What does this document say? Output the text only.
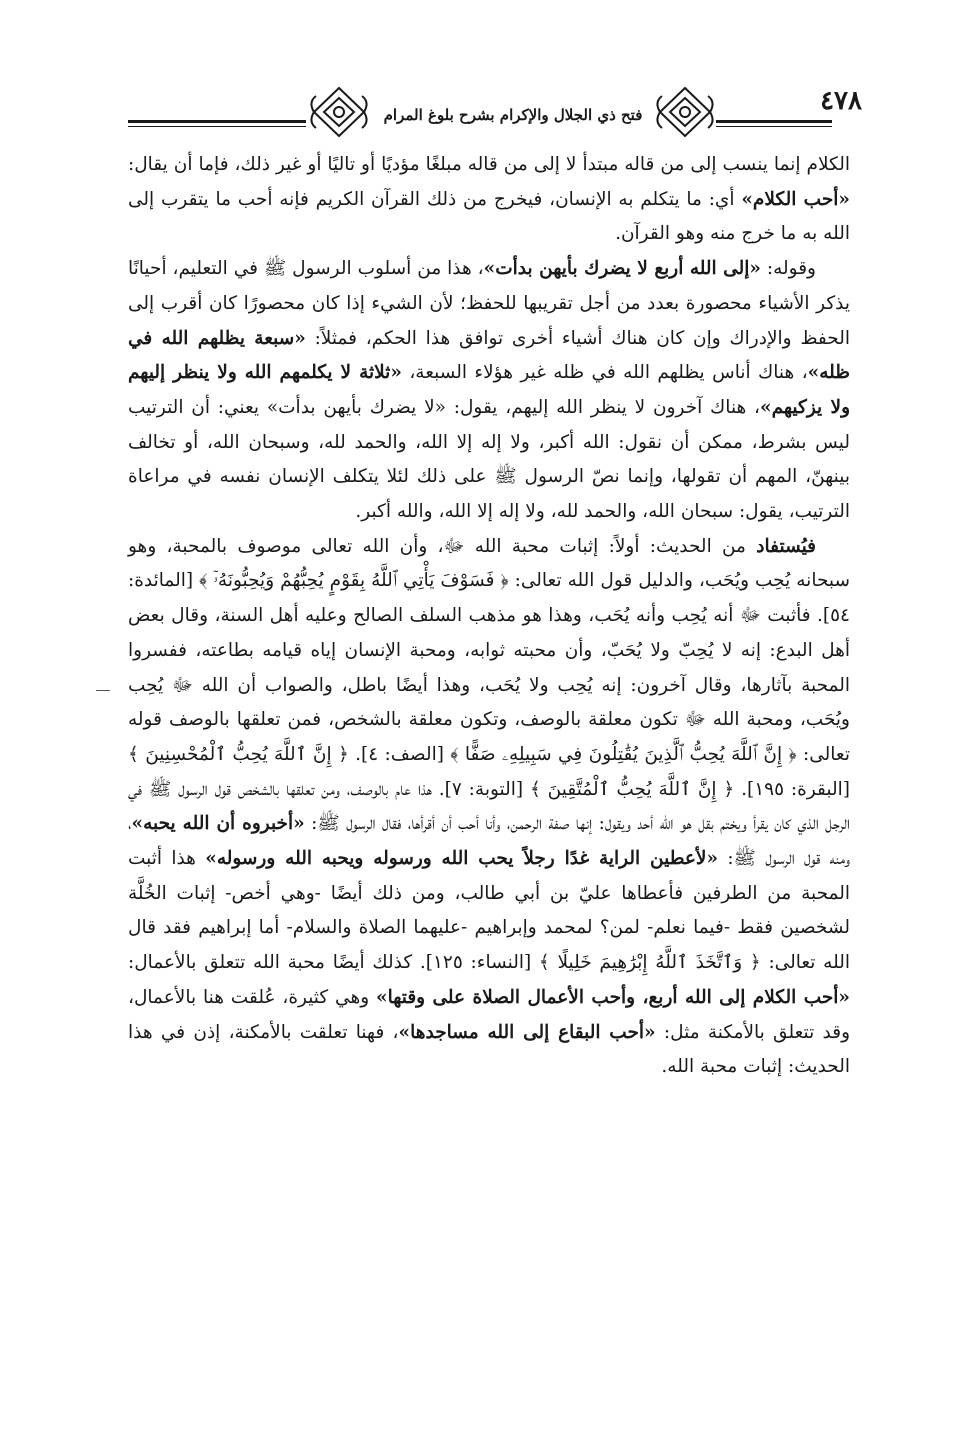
فتح ذي الجلال والإكرام بشرح بلوغ المرام	٤٧٨

الكلام إنما ينسب إلى من قاله مبتدأ لا إلى من قاله مبلغًا مؤديًا أو تاليًا أو غير ذلك، فإما أن يقال: «أحب الكلام» أي: ما يتكلم به الإنسان، فيخرج من ذلك القرآن الكريم فإنه أحب ما يتقرب إلى الله به ما خرج منه وهو القرآن.

وقوله: «إلى الله أربع لا يضرك بأيهن بدأت»، هذا من أسلوب الرسول ﷺ في التعليم، أحيانًا يذكر الأشياء محصورة بعدد من أجل تقريبها للحفظ؛ لأن الشيء إذا كان محصورًا كان أقرب إلى الحفظ والإدراك وإن كان هناك أشياء أخرى توافق هذا الحكم، فمثلاً: «سبعة يظلهم الله في ظله»، هناك أناس يظلهم الله في ظله غير هؤلاء السبعة، «ثلاثة لا يكلمهم الله ولا ينظر إليهم ولا يزكيهم»، هناك آخرون لا ينظر الله إليهم، يقول: «لا يضرك بأيهن بدأت» يعني: أن الترتيب ليس بشرط، ممكن أن نقول: الله أكبر، ولا إله إلا الله، والحمد لله، وسبحان الله، أو تخالف بينهنّ، المهم أن تقولها، وإنما نصّ الرسول ﷺ على ذلك لئلا يتكلف الإنسان نفسه في مراعاة الترتيب، يقول: سبحان الله، والحمد لله، ولا إله إلا الله، والله أكبر.

فيُستفاد من الحديث: أولاً: إثبات محبة الله ﷻ، وأن الله تعالى موصوف بالمحبة، وهو سبحانه يُحِب ويُحَب، والدليل قول الله تعالى: ﴿ فَسَوْفَ يَأْتِي ٱللَّهُ بِقَوْمٍ يُحِبُّهُمْ وَيُحِبُّونَهُۥٓ ﴾ [المائدة: ٥٤]. فأثبت ﷻ أنه يُحِب وأنه يُحَب، وهذا هو مذهب السلف الصالح وعليه أهل السنة، وقال بعض أهل البدع: إنه لا يُحِبّ ولا يُحَبّ، وأن محبته ثوابه، ومحبة الإنسان إياه قيامه بطاعته، ففسروا المحبة بآثارها، وقال آخرون: إنه يُحِب ولا يُحَب، وهذا أيضًا باطل، والصواب أن الله ﷻ يُحِب ويُحَب، ومحبة الله ﷻ تكون معلقة بالوصف، وتكون معلقة بالشخص، فمن تعلقها بالوصف قوله تعالى: ﴿ إِنَّ ٱللَّهَ يُحِبُّ ٱلَّذِينَ يُقَٰتِلُونَ فِي سَبِيلِهِۦ صَفًّا ﴾ [الصف: ٤]. ﴿ إِنَّ ٱللَّهَ يُحِبُّ ٱلْمُحْسِنِينَ ﴾ [البقرة: ١٩٥]. ﴿ إِنَّ ٱللَّهَ يُحِبُّ ٱلْمُتَّقِينَ ﴾ [التوبة: ٧]. هذا عام بالوصف، ومن تعلقها بالشخص قول الرسول ﷺ في الرجل الذي كان يقرأ ويختم بقل هو الله أحد ويقول: إنها صفة الرحمن، وأنا أحب أن أقرأها، فقال الرسول ﷺ: «أخبروه أن الله يحبه»، ومنه قول الرسول ﷺ: «لأعطين الراية غدًا رجلاً يحب الله ورسوله ويحبه الله ورسوله» هذا أثبت المحبة من الطرفين فأعطاها عليّ بن أبي طالب، ومن ذلك أيضًا -وهي أخص- إثبات الخُلَّة لشخصين فقط -فيما نعلم- لمن؟ لمحمد وإبراهيم -عليهما الصلاة والسلام- أما إبراهيم فقد قال الله تعالى: ﴿ وَٱتَّخَذَ ٱللَّهُ إِبْرَٰهِيمَ خَلِيلًا ﴾ [النساء: ١٢٥]. كذلك أيضًا محبة الله تتعلق بالأعمال: «أحب الكلام إلى الله أربع، وأحب الأعمال الصلاة على وقتها» وهي كثيرة، عُلقت هنا بالأعمال، وقد تتعلق بالأمكنة مثل: «أحب البقاع إلى الله مساجدها»، فهنا تعلقت بالأمكنة، إذن في هذا الحديث: إثبات محبة الله.
